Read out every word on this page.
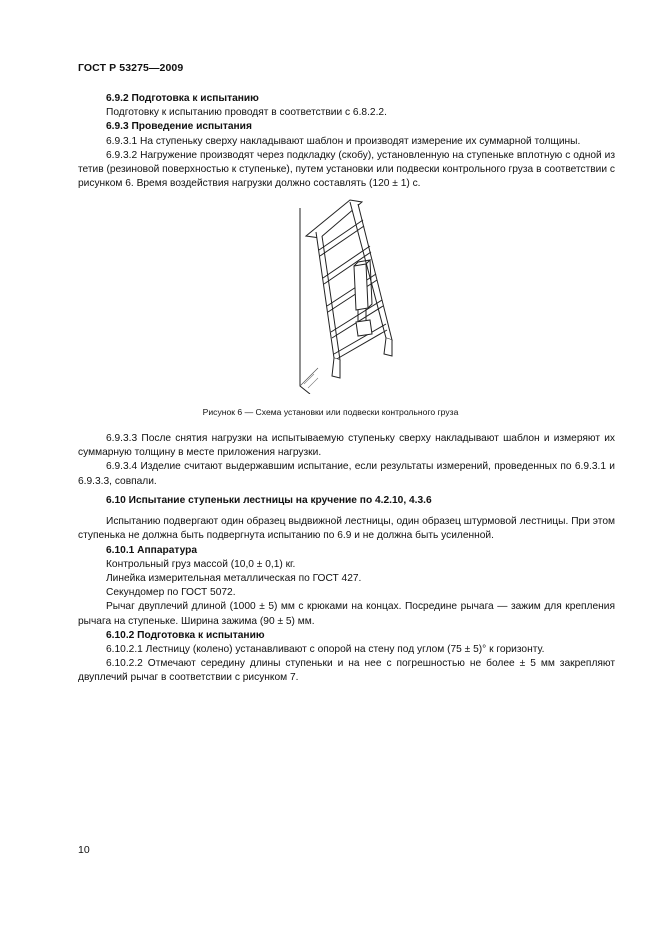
ГОСТ Р 53275—2009

6.9.2 Подготовка к испытанию

Подготовку к испытанию проводят в соответствии с 6.8.2.2.

6.9.3 Проведение испытания

6.9.3.1 На ступеньку сверху накладывают шаблон и производят измерение их суммарной толщины.

6.9.3.2 Нагружение производят через подкладку (скобу), установленную на ступеньке вплотную с одной из тетив (резиновой поверхностью к ступеньке), путем установки или подвески контрольного груза в соответствии с рисунком 6. Время воздействия нагрузки должно составлять (120 ± 1) с.

Рисунок 6 — Схема установки или подвески контрольного груза

6.9.3.3 После снятия нагрузки на испытываемую ступеньку сверху накладывают шаблон и измеряют их суммарную толщину в месте приложения нагрузки.

6.9.3.4 Изделие считают выдержавшим испытание, если результаты измерений, проведенных по 6.9.3.1 и 6.9.3.3, совпали.

6.10 Испытание ступеньки лестницы на кручение по 4.2.10, 4.3.6

Испытанию подвергают один образец выдвижной лестницы, один образец штурмовой лестницы. При этом ступенька не должна быть подвергнута испытанию по 6.9 и не должна быть усиленной.

6.10.1 Аппаратура

Контрольный груз массой (10,0 ± 0,1) кг.

Линейка измерительная металлическая по ГОСТ 427.

Секундомер по ГОСТ 5072.

Рычаг двуплечий длиной (1000 ± 5) мм с крюками на концах. Посредине рычага — зажим для крепления рычага на ступеньке. Ширина зажима (90 ± 5) мм.

6.10.2 Подготовка к испытанию

6.10.2.1 Лестницу (колено) устанавливают с опорой на стену под углом (75 ± 5)° к горизонту.

6.10.2.2 Отмечают середину длины ступеньки и на нее с погрешностью не более ± 5 мм закрепляют двуплечий рычаг в соответствии с рисунком 7.

10
